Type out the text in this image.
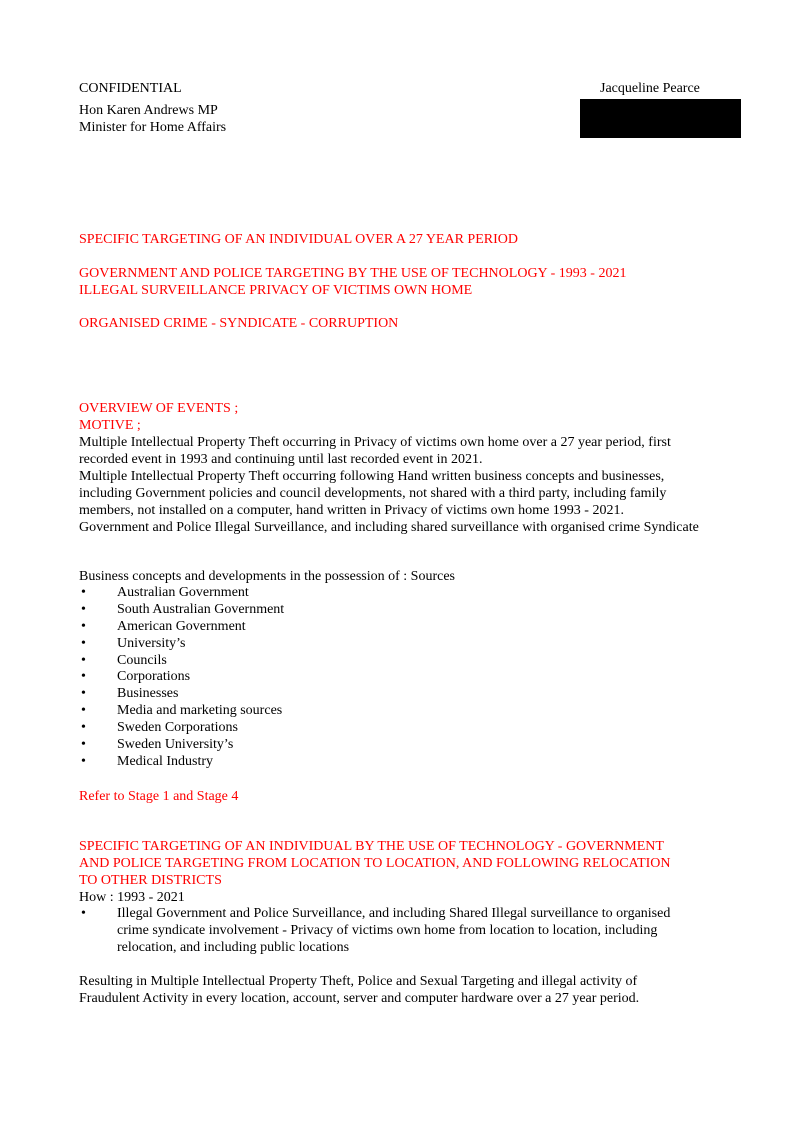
CONFIDENTIAL	Jacqueline Pearce
Hon Karen Andrews MP
Minister for Home Affairs
SPECIFIC TARGETING OF AN INDIVIDUAL OVER A 27 YEAR PERIOD
GOVERNMENT AND POLICE TARGETING BY THE USE OF TECHNOLOGY - 1993 - 2021
ILLEGAL SURVEILLANCE PRIVACY OF VICTIMS OWN HOME
ORGANISED CRIME - SYNDICATE - CORRUPTION
OVERVIEW OF EVENTS ;
MOTIVE ;

Multiple Intellectual Property Theft occurring in Privacy of victims own home over a 27 year period, first recorded event in 1993 and continuing until last recorded event in 2021.

Multiple Intellectual Property Theft occurring following Hand written business concepts and businesses, including Government policies and council developments, not shared with a third party, including family members, not installed on a computer, hand written in Privacy of victims own home 1993 - 2021.

Government and Police Illegal Surveillance, and including shared surveillance with organised crime Syndicate

Business concepts and developments in the possession of : Sources
• Australian Government
• South Australian Government
• American Government
• University’s
• Councils
• Corporations
• Businesses
• Media and marketing sources
• Sweden Corporations
• Sweden University’s
• Medical Industry
Refer to Stage 1 and Stage 4
SPECIFIC TARGETING OF AN INDIVIDUAL BY THE USE OF TECHNOLOGY - GOVERNMENT
AND POLICE TARGETING FROM LOCATION TO LOCATION, AND FOLLOWING RELOCATION
TO OTHER DISTRICTS
How : 1993 - 2021
• Illegal Government and Police Surveillance, and including Shared Illegal surveillance to organised crime syndicate involvement - Privacy of victims own home from location to location, including relocation, and including public locations

Resulting in Multiple Intellectual Property Theft, Police and Sexual Targeting and illegal activity of Fraudulent Activity in every location, account, server and computer hardware over a 27 year period.
